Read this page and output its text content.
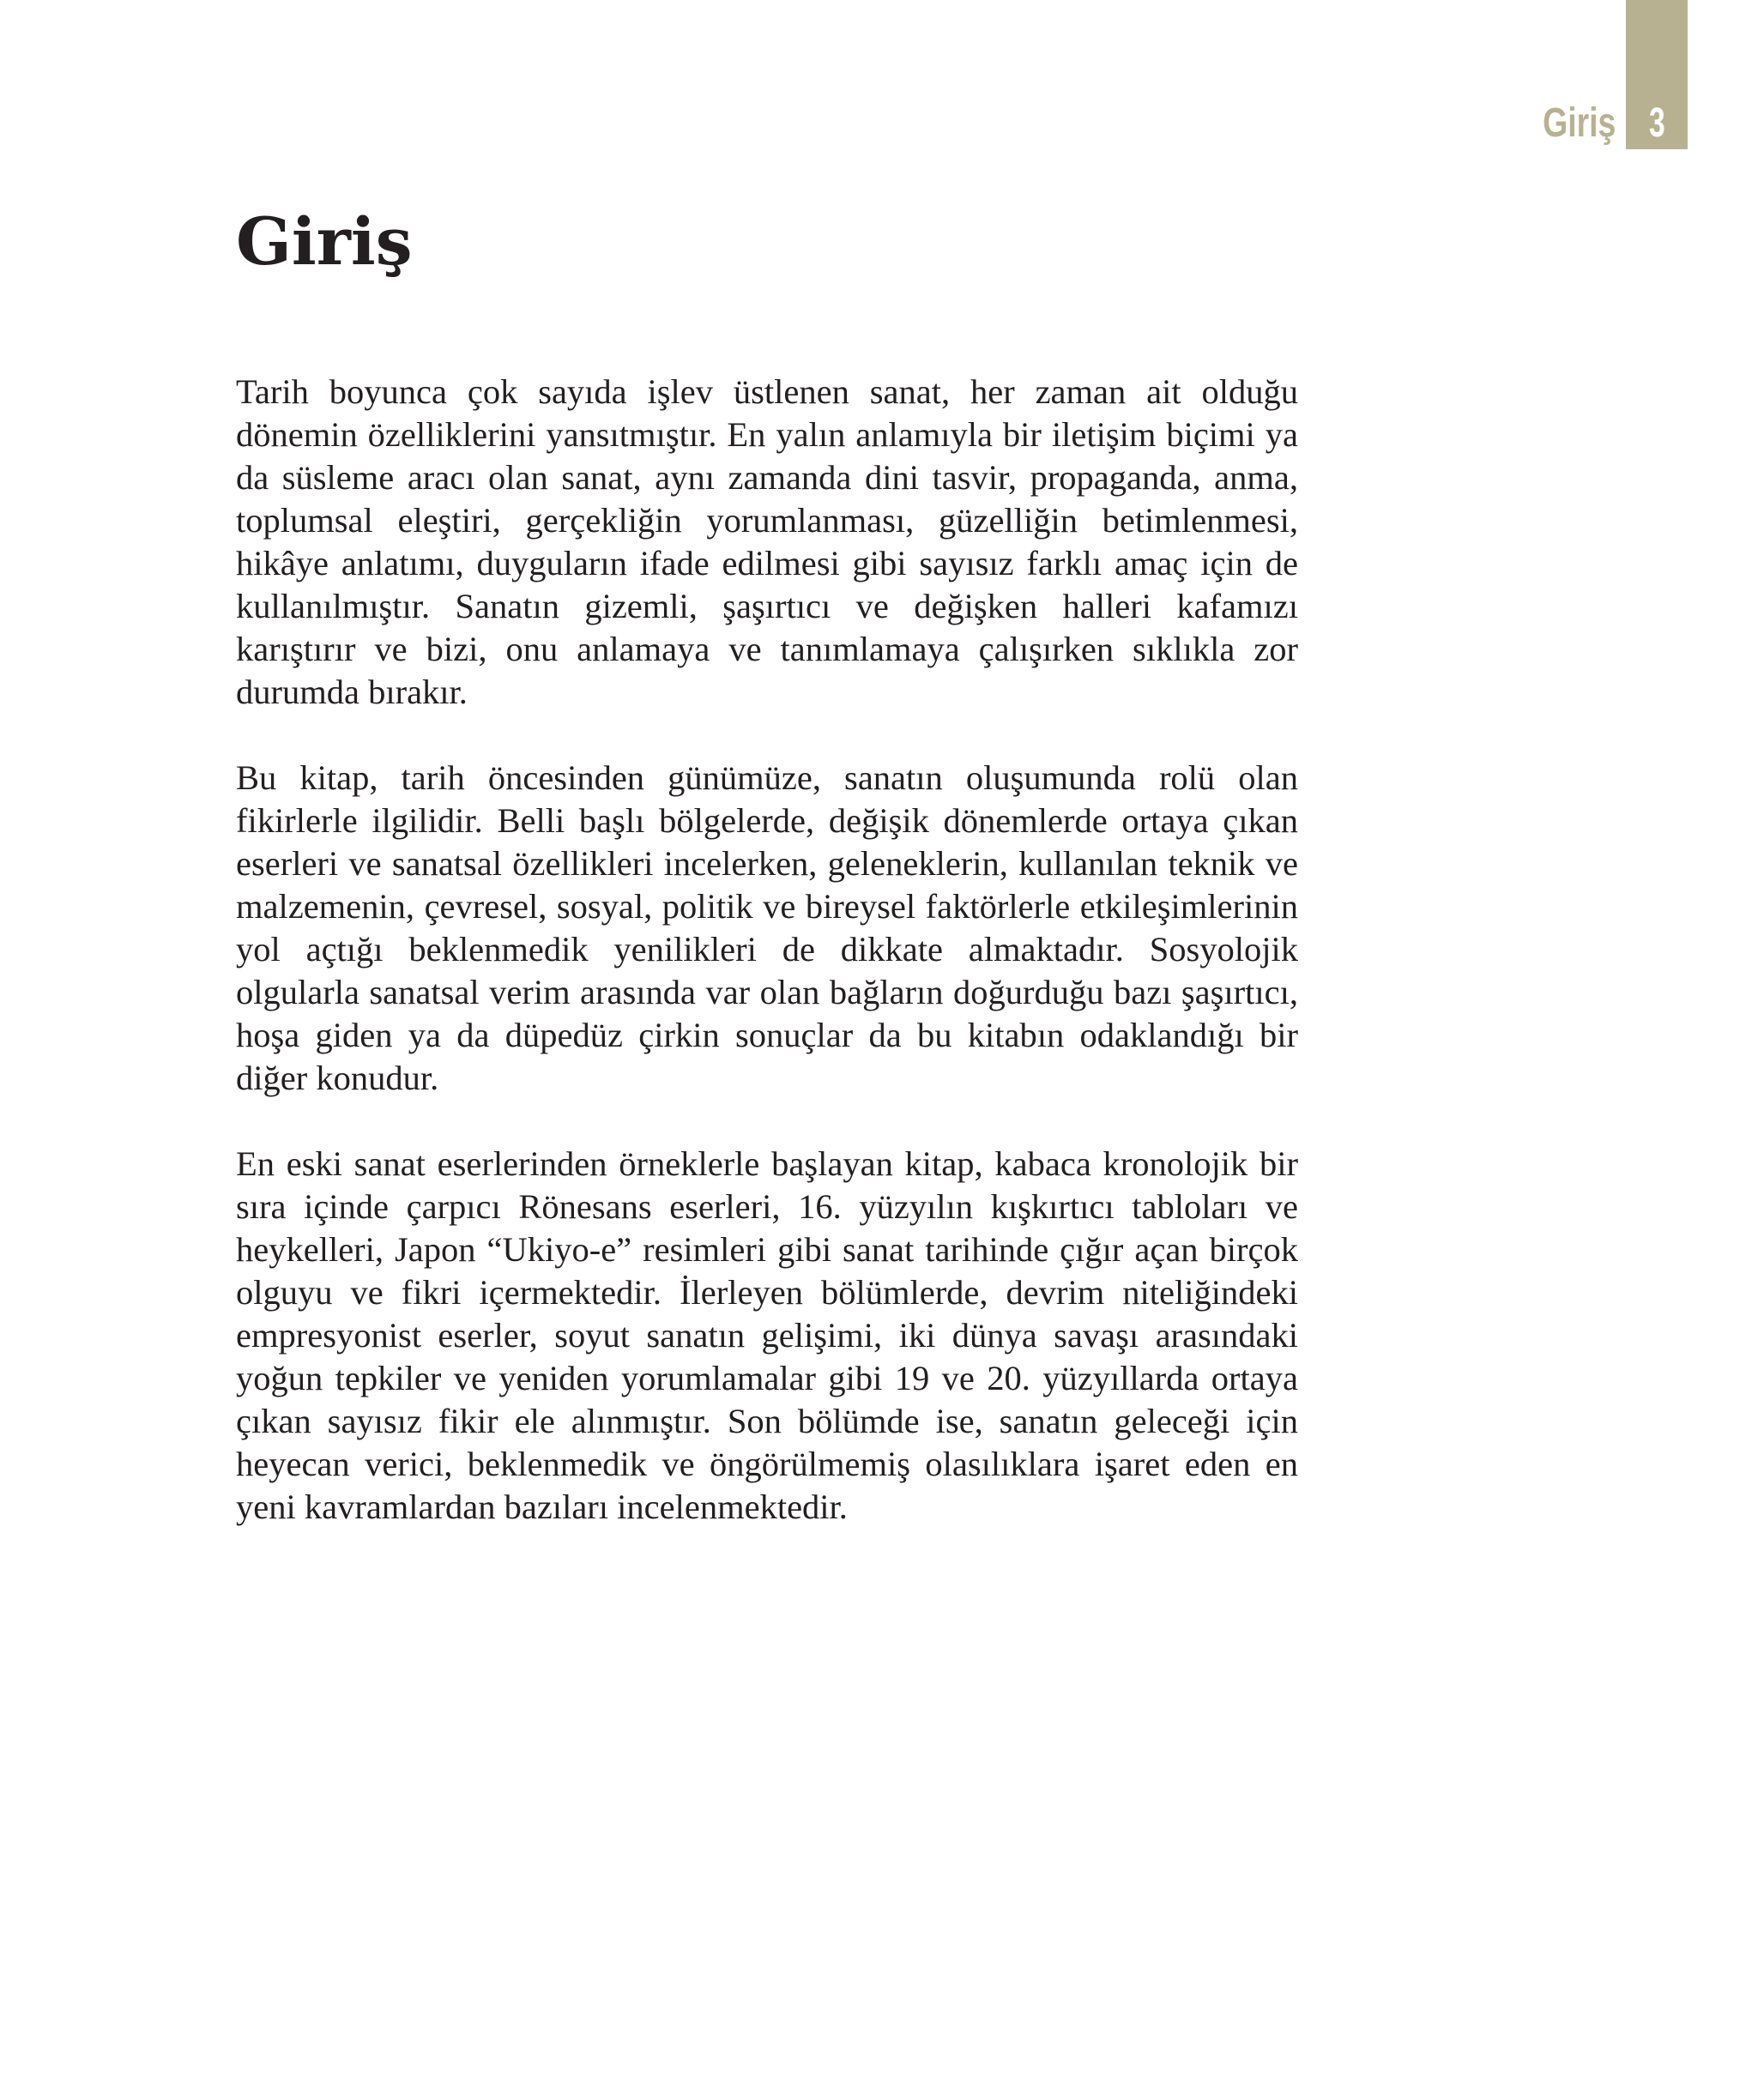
Giriş 3
Giriş

Tarih boyunca çok sayıda işlev üstlenen sanat, her zaman ait olduğu dönemin özelliklerini yansıtmıştır. En yalın anlamıyla bir iletişim biçimi ya da süsleme aracı olan sanat, aynı zamanda dini tasvir, propaganda, anma, toplumsal eleştiri, gerçekliğin yorumlanması, güzelliğin betimlenmesi, hikâye anlatımı, duyguların ifade edilmesi gibi sayısız farklı amaç için de kullanılmıştır. Sanatın gizemli, şaşırtıcı ve değişken halleri kafamızı karıştırır ve bizi, onu anlamaya ve tanımlamaya çalışırken sıklıkla zor durumda bırakır.

Bu kitap, tarih öncesinden günümüze, sanatın oluşumunda rolü olan fikirlerle ilgilidir. Belli başlı bölgelerde, değişik dönemlerde ortaya çıkan eserleri ve sanatsal özellikleri incelerken, geleneklerin, kullanılan teknik ve malzemenin, çevresel, sosyal, politik ve bireysel faktörlerle etkileşimlerinin yol açtığı beklenmedik yenilikleri de dikkate almaktadır. Sosyolojik olgularla sanatsal verim arasında var olan bağların doğurduğu bazı şaşırtıcı, hoşa giden ya da düpedüz çirkin sonuçlar da bu kitabın odaklandığı bir diğer konudur.

En eski sanat eserlerinden örneklerle başlayan kitap, kabaca kronolojik bir sıra içinde çarpıcı Rönesans eserleri, 16. yüzyılın kışkırtıcı tabloları ve heykelleri, Japon “Ukiyo-e” resimleri gibi sanat tarihinde çığır açan birçok olguyu ve fikri içermektedir. İlerleyen bölümlerde, devrim niteliğindeki empresyonist eserler, soyut sanatın gelişimi, iki dünya savaşı arasındaki yoğun tepkiler ve yeniden yorumlamalar gibi 19 ve 20. yüzyıllarda ortaya çıkan sayısız fikir ele alınmıştır. Son bölümde ise, sanatın geleceği için heyecan verici, beklenmedik ve öngörülmemiş olasılıklara işaret eden en yeni kavramlardan bazıları incelenmektedir.
